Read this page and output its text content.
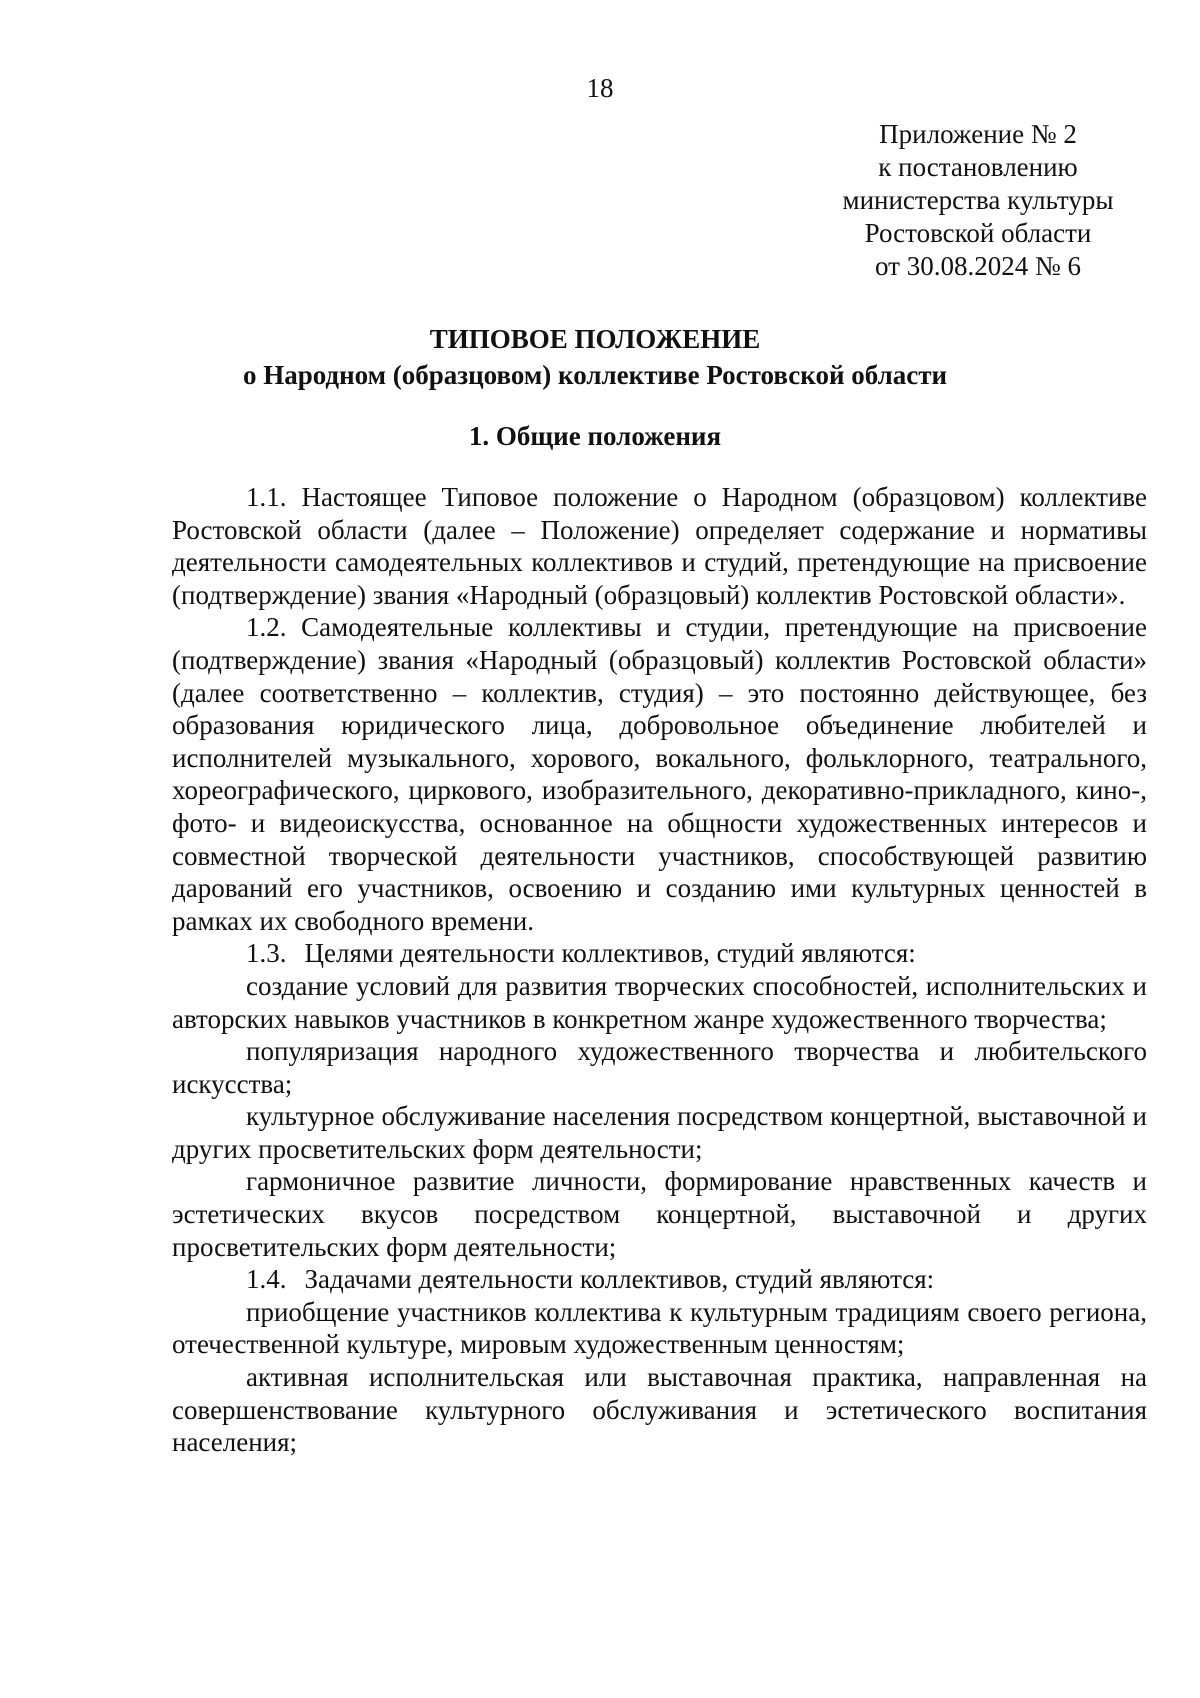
18
Приложение № 2
к постановлению
министерства культуры
Ростовской области
от 30.08.2024 № 6
ТИПОВОЕ ПОЛОЖЕНИЕ
о Народном (образцовом) коллективе Ростовской области
1. Общие положения

1.1. Настоящее Типовое положение о Народном (образцовом) коллективе Ростовской области (далее – Положение) определяет содержание и нормативы деятельности самодеятельных коллективов и студий, претендующие на присвоение (подтверждение) звания «Народный (образцовый) коллектив Ростовской области».

1.2. Самодеятельные коллективы и студии, претендующие на присвоение (подтверждение) звания «Народный (образцовый) коллектив Ростовской области» (далее соответственно – коллектив, студия) – это постоянно действующее, без образования юридического лица, добровольное объединение любителей и исполнителей музыкального, хорового, вокального, фольклорного, театрального, хореографического, циркового, изобразительного, декоративно-прикладного, кино-, фото- и видеоискусства, основанное на общности художественных интересов и совместной творческой деятельности участников, способствующей развитию дарований его участников, освоению и созданию ими культурных ценностей в рамках их свободного времени.

1.3. Целями деятельности коллективов, студий являются:

создание условий для развития творческих способностей, исполнительских и авторских навыков участников в конкретном жанре художественного творчества;

популяризация народного художественного творчества и любительского искусства;

культурное обслуживание населения посредством концертной, выставочной и других просветительских форм деятельности;

гармоничное развитие личности, формирование нравственных качеств и эстетических вкусов посредством концертной, выставочной и других просветительских форм деятельности;

1.4. Задачами деятельности коллективов, студий являются:

приобщение участников коллектива к культурным традициям своего региона, отечественной культуре, мировым художественным ценностям;

активная исполнительская или выставочная практика, направленная на совершенствование культурного обслуживания и эстетического воспитания населения;
